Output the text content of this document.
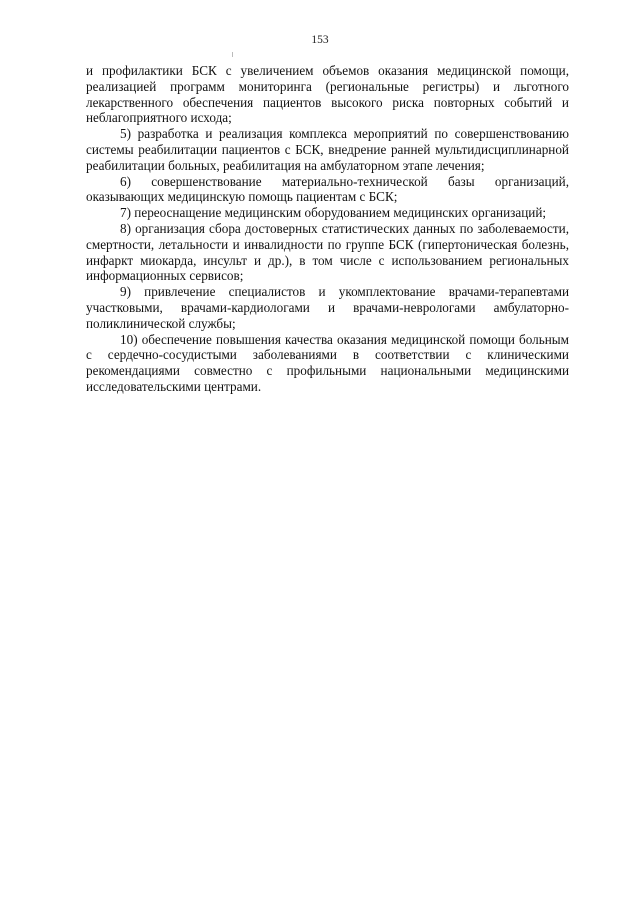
153

и профилактики БСК с увеличением объемов оказания медицинской помощи, реализацией программ мониторинга (региональные регистры) и льготного лекарственного обеспечения пациентов высокого риска повторных событий и неблагоприятного исхода;

5) разработка и реализация комплекса мероприятий по совершенствованию системы реабилитации пациентов с БСК, внедрение ранней мультидисциплинарной реабилитации больных, реабилитация на амбулаторном этапе лечения;

6) совершенствование материально-технической базы организаций, оказывающих медицинскую помощь пациентам с БСК;

7) переоснащение медицинским оборудованием медицинских организаций;

8) организация сбора достоверных статистических данных по заболеваемости, смертности, летальности и инвалидности по группе БСК (гипертоническая болезнь, инфаркт миокарда, инсульт и др.), в том числе с использованием региональных информационных сервисов;

9) привлечение специалистов и укомплектование врачами-терапевтами участковыми, врачами-кардиологами и врачами-неврологами амбулаторно-поликлинической службы;

10) обеспечение повышения качества оказания медицинской помощи больным с сердечно-сосудистыми заболеваниями в соответствии с клиническими рекомендациями совместно с профильными национальными медицинскими исследовательскими центрами.
